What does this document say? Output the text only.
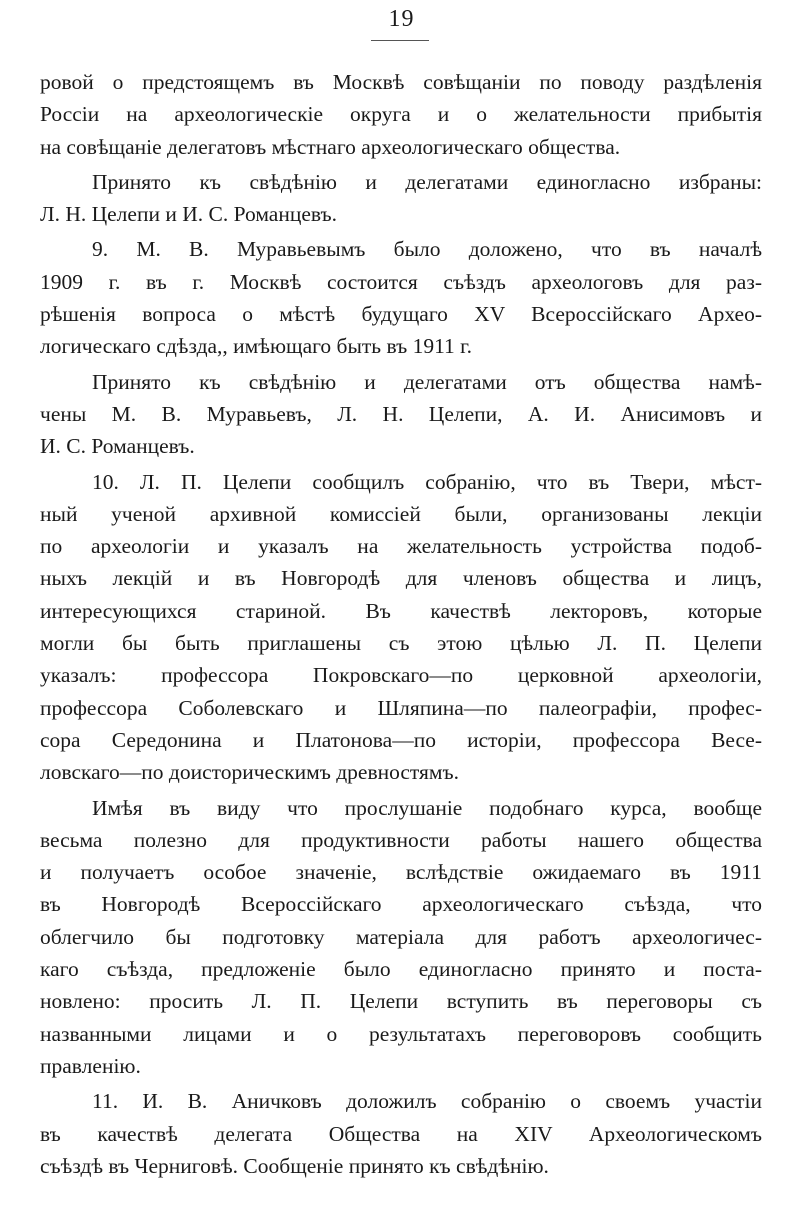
19
ровой о предстоящемъ въ Москвѣ совѣщаніи по поводу раздѣленія
Россіи на археологическіе округа и о желательности прибытія
на совѣщаніе делегатовъ мѣстнаго археологическаго общества.
Принято къ свѣдѣнію и делегатами единогласно избраны:
Л. Н. Целепи и И. С. Романцевъ.
9. М. В. Муравьевымъ было доложено, что въ началѣ
1909 г. въ г. Москвѣ состоится съѣздъ археологовъ для раз-
рѣшенія вопроса о мѣстѣ будущаго XV Всероссійскаго Архео-
логическаго сдѣзда,, имѣющаго быть въ 1911 г.
Принято къ свѣдѣнію и делегатами отъ общества намѣ-
чены М. В. Муравьевъ, Л. Н. Целепи, А. И. Анисимовъ и
И. С. Романцевъ.
10. Л. П. Целепи сообщилъ собранію, что въ Твери, мѣст-
ный ученой архивной комиссіей были, организованы лекціи
по археологіи и указалъ на желательность устройства подоб-
ныхъ лекцій и въ Новгородѣ для членовъ общества и лицъ,
интересующихся стариной. Въ качествѣ лекторовъ, которые
могли бы быть приглашены съ этою цѣлью Л. П. Целепи
указалъ: профессора Покровскаго—по церковной археологіи,
профессора Соболевскаго и Шляпина—по палеографіи, профес-
сора Середонина и Платонова—по исторіи, профессора Весе-
ловскаго—по доисторическимъ древностямъ.
Имѣя въ виду что прослушаніе подобнаго курса, вообще
весьма полезно для продуктивности работы нашего общества
и получаетъ особое значеніе, вслѣдствіе ожидаемаго въ 1911
въ Новгородѣ Всероссійскаго археологическаго съѣзда, что
облегчило бы подготовку матеріала для работъ археологичес-
каго съѣзда, предложеніе было единогласно принято и поста-
новлено: просить Л. П. Целепи вступить въ переговоры съ
названными лицами и о результатахъ переговоровъ сообщить
правленію.
11. И. В. Аничковъ доложилъ собранію о своемъ участіи
въ качествѣ делегата Общества на XIV Археологическомъ
съѣздѣ въ Черниговѣ. Сообщеніе принято къ свѣдѣнію.
